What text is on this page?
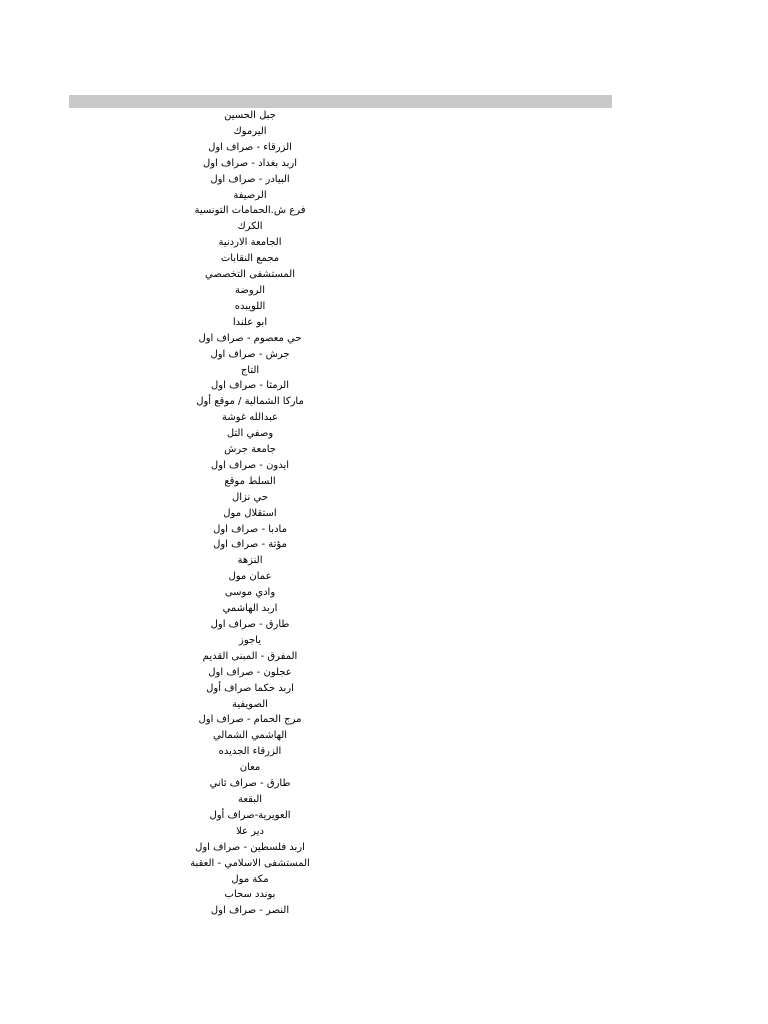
جبل الحسين
اليرموك
الزرقاء - صراف اول
اربد بغداد - صراف اول
البيادر - صراف اول
الرصيفة
فرع ش.الحمامات التونسية
الكرك
الجامعة الاردنية
مجمع النقابات
المستشفى التخصصي
الروضة
اللويبده
ابو علندا
حي معصوم - صراف اول
جرش - صراف اول
التاج
الرمثا - صراف اول
ماركا الشمالية / موقع أول
عبدالله غوشة
وصفي التل
جامعة جرش
ايدون - صراف اول
السلط موقع
حي نزال
استقلال مول
مادبا - صراف اول
مؤتة - صراف اول
النزهة
عمان مول
وادي موسى
اربد الهاشمي
طارق - صراف اول
ياجوز
المفرق - المبنى القديم
عجلون - صراف اول
اربد حكما صراف أول
الصويفية
مرج الحمام - صراف اول
الهاشمي الشمالي
الزرقاء الجديده
معان
طارق - صراف ثاني
البقعة
العويرية-صراف أول
دير علا
اربد فلسطين - صراف اول
المستشفى الاسلامي - العقبة
مكة مول
بوندد سحاب
النصر - صراف اول
